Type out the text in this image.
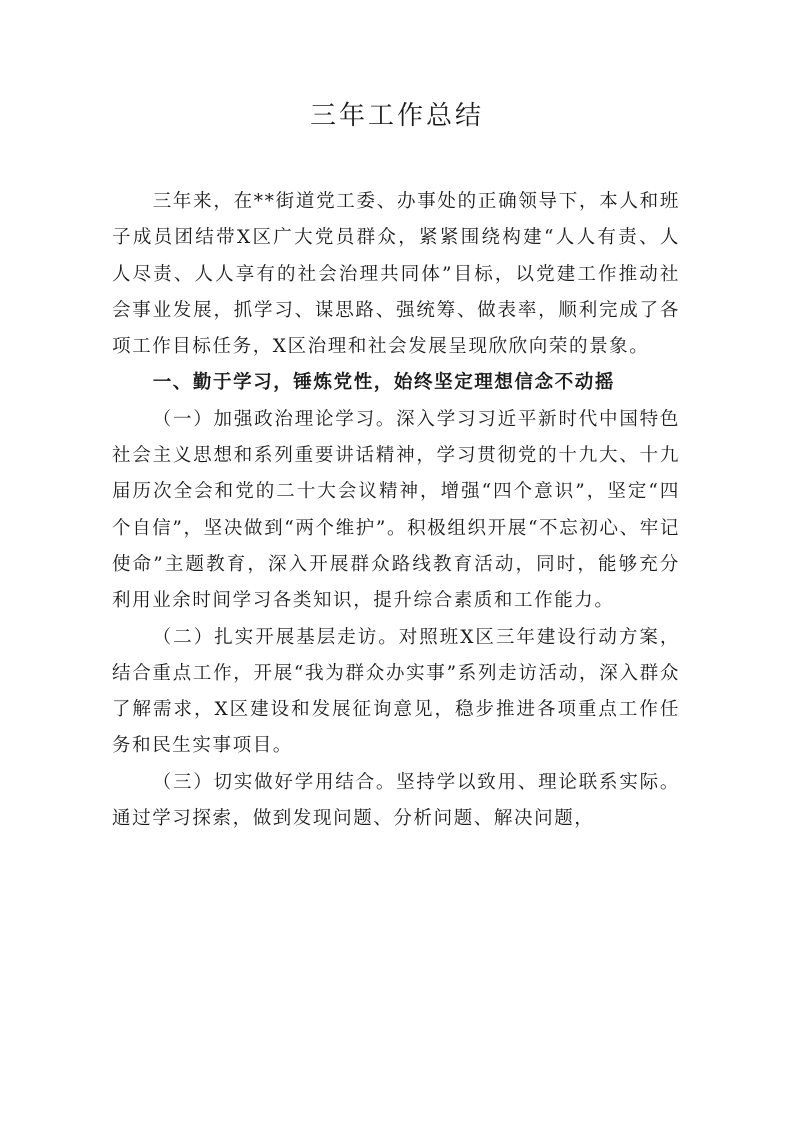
三年工作总结

三年来，在**街道党工委、办事处的正确领导下，本人和班子成员团结带X区广大党员群众，紧紧围绕构建“人人有责、人人尽责、人人享有的社会治理共同体”目标，以党建工作推动社会事业发展，抓学习、谋思路、强统筹、做表率，顺利完成了各项工作目标任务，X区治理和社会发展呈现欣欣向荣的景象。

一、勤于学习，锤炼党性，始终坚定理想信念不动摇

（一）加强政治理论学习。深入学习习近平新时代中国特色社会主义思想和系列重要讲话精神，学习贯彻党的十九大、十九届历次全会和党的二十大会议精神，增强“四个意识”，坚定“四个自信”，坚决做到“两个维护”。积极组织开展“不忘初心、牢记使命”主题教育，深入开展群众路线教育活动，同时，能够充分利用业余时间学习各类知识，提升综合素质和工作能力。

（二）扎实开展基层走访。对照班X区三年建设行动方案，结合重点工作，开展“我为群众办实事”系列走访活动，深入群众了解需求，X区建设和发展征询意见，稳步推进各项重点工作任务和民生实事项目。

（三）切实做好学用结合。坚持学以致用、理论联系实际。通过学习探索，做到发现问题、分析问题、解决问题，
